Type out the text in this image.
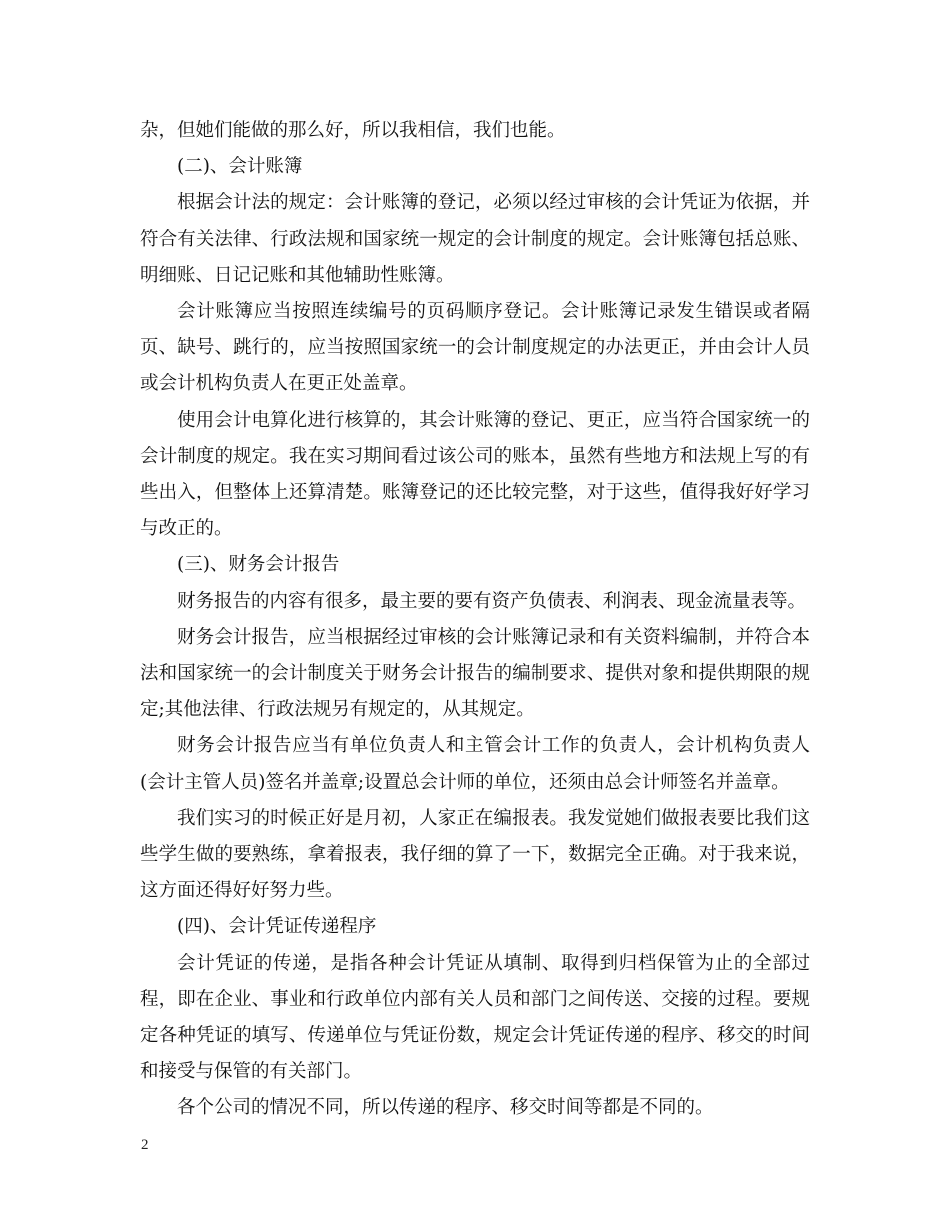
杂，但她们能做的那么好，所以我相信，我们也能。

(二)、会计账簿

根据会计法的规定：会计账簿的登记，必须以经过审核的会计凭证为依据，并符合有关法律、行政法规和国家统一规定的会计制度的规定。会计账簿包括总账、明细账、日记记账和其他辅助性账簿。

会计账簿应当按照连续编号的页码顺序登记。会计账簿记录发生错误或者隔页、缺号、跳行的，应当按照国家统一的会计制度规定的办法更正，并由会计人员或会计机构负责人在更正处盖章。

使用会计电算化进行核算的，其会计账簿的登记、更正，应当符合国家统一的会计制度的规定。我在实习期间看过该公司的账本，虽然有些地方和法规上写的有些出入，但整体上还算清楚。账簿登记的还比较完整，对于这些，值得我好好学习与改正的。

(三)、财务会计报告

财务报告的内容有很多，最主要的要有资产负债表、利润表、现金流量表等。

财务会计报告，应当根据经过审核的会计账簿记录和有关资料编制，并符合本法和国家统一的会计制度关于财务会计报告的编制要求、提供对象和提供期限的规定;其他法律、行政法规另有规定的，从其规定。

财务会计报告应当有单位负责人和主管会计工作的负责人，会计机构负责人(会计主管人员)签名并盖章;设置总会计师的单位，还须由总会计师签名并盖章。

我们实习的时候正好是月初，人家正在编报表。我发觉她们做报表要比我们这些学生做的要熟练，拿着报表，我仔细的算了一下，数据完全正确。对于我来说，这方面还得好好努力些。

(四)、会计凭证传递程序

会计凭证的传递，是指各种会计凭证从填制、取得到归档保管为止的全部过程，即在企业、事业和行政单位内部有关人员和部门之间传送、交接的过程。要规定各种凭证的填写、传递单位与凭证份数，规定会计凭证传递的程序、移交的时间和接受与保管的有关部门。

各个公司的情况不同，所以传递的程序、移交时间等都是不同的。

2
